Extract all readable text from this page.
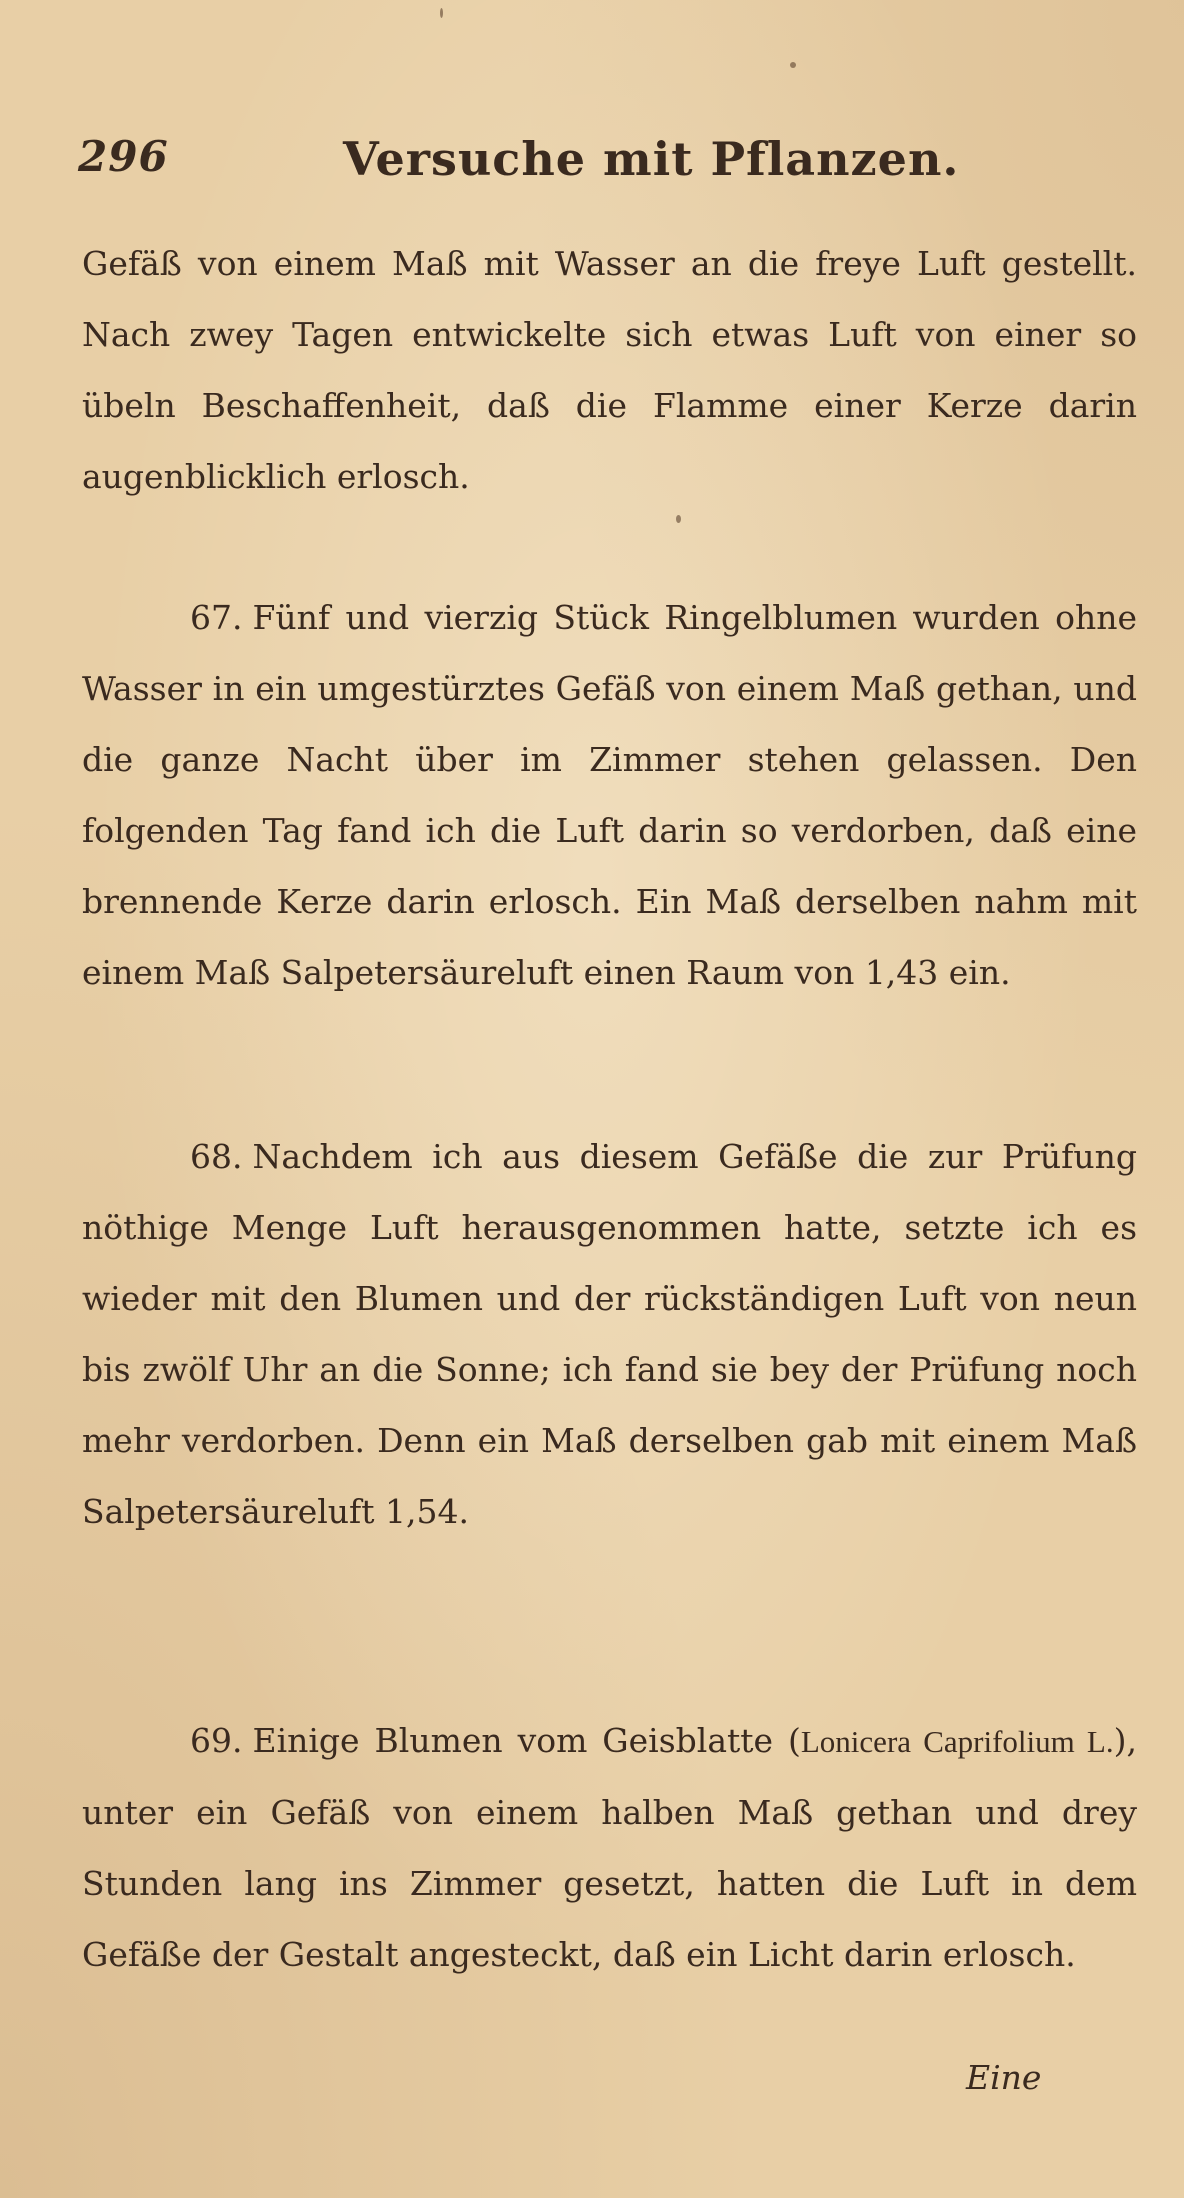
296	Versuche mit Pflanzen.
Gefäß von einem Maß mit Wasser an die freye Luft gestellt. Nach zwey Tagen entwickelte sich etwas Luft von einer so übeln Beschaffenheit, daß die Flamme einer Kerze darin augenblicklich erlosch.
67. Fünf und vierzig Stück Ringelblumen wurden ohne Wasser in ein umgestürztes Gefäß von einem Maß gethan, und die ganze Nacht über im Zimmer stehen gelassen. Den folgenden Tag fand ich die Luft darin so verdorben, daß eine brennende Kerze darin erlosch. Ein Maß derselben nahm mit einem Maß Salpetersäureluft einen Raum von 1,43 ein.
68. Nachdem ich aus diesem Gefäße die zur Prüfung nöthige Menge Luft herausgenommen hatte, setzte ich es wieder mit den Blumen und der rückständigen Luft von neun bis zwölf Uhr an die Sonne; ich fand sie bey der Prüfung noch mehr verdorben. Denn ein Maß derselben gab mit einem Maß Salpetersäureluft 1,54.
69. Einige Blumen vom Geisblatte (Lonicera Caprifolium L.), unter ein Gefäß von einem halben Maß gethan und drey Stunden lang ins Zimmer gesetzt, hatten die Luft in dem Gefäße der Gestalt angesteckt, daß ein Licht darin erlosch.
Eine
